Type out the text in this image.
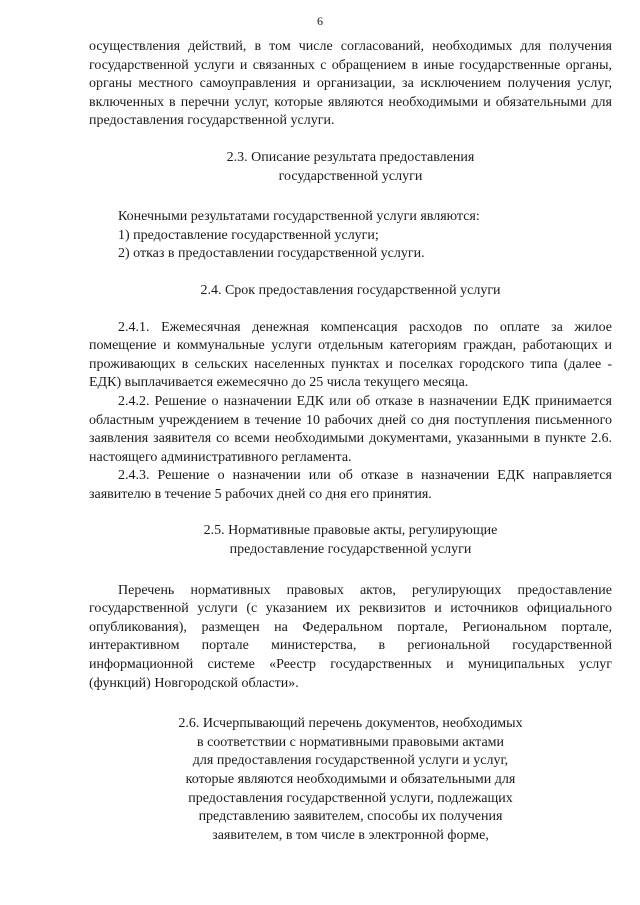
6

осуществления действий, в том числе согласований, необходимых для получения государственной услуги и связанных с обращением в иные государственные органы, органы местного самоуправления и организации, за исключением получения услуг, включенных в перечни услуг, которые являются необходимыми и обязательными для предоставления государственной услуги.

2.3. Описание результата предоставления
государственной услуги

Конечными результатами государственной услуги являются:

1) предоставление государственной услуги;

2) отказ в предоставлении государственной услуги.

2.4. Срок предоставления государственной услуги

2.4.1. Ежемесячная денежная компенсация расходов по оплате за жилое помещение и коммунальные услуги отдельным категориям граждан, работающих и проживающих в сельских населенных пунктах и поселках городского типа (далее - ЕДК) выплачивается ежемесячно до 25 числа текущего месяца.

2.4.2. Решение о назначении ЕДК или об отказе в назначении ЕДК принимается областным учреждением в течение 10 рабочих дней со дня поступления письменного заявления заявителя со всеми необходимыми документами, указанными в пункте 2.6. настоящего административного регламента.

2.4.3. Решение о назначении или об отказе в назначении ЕДК направляется заявителю в течение 5 рабочих дней со дня его принятия.

2.5. Нормативные правовые акты, регулирующие
предоставление государственной услуги

Перечень нормативных правовых актов, регулирующих предоставление государственной услуги (с указанием их реквизитов и источников официального опубликования), размещен на Федеральном портале, Региональном портале, интерактивном портале министерства, в региональной государственной информационной системе «Реестр государственных и муниципальных услуг (функций) Новгородской области».

2.6. Исчерпывающий перечень документов, необходимых
в соответствии с нормативными правовыми актами
для предоставления государственной услуги и услуг,
которые являются необходимыми и обязательными для
предоставления государственной услуги, подлежащих
представлению заявителем, способы их получения
заявителем, в том числе в электронной форме,
